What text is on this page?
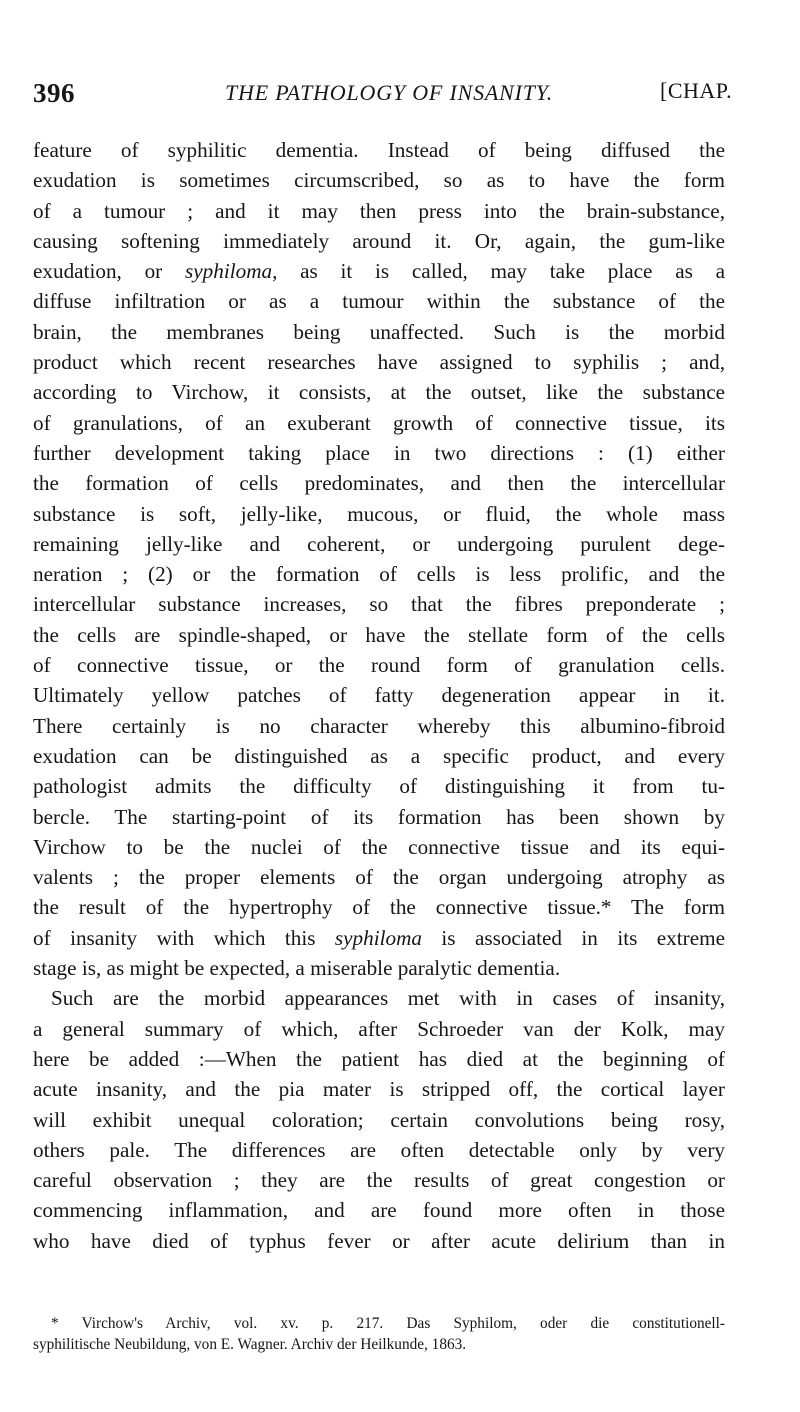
396	THE PATHOLOGY OF INSANITY.	[CHAP.
feature of syphilitic dementia. Instead of being diffused the
exudation is sometimes circumscribed, so as to have the form
of a tumour ; and it may then press into the brain-substance,
causing softening immediately around it. Or, again, the gum-like
exudation, or syphiloma, as it is called, may take place as a
diffuse infiltration or as a tumour within the substance of the
brain, the membranes being unaffected. Such is the morbid
product which recent researches have assigned to syphilis ; and,
according to Virchow, it consists, at the outset, like the substance
of granulations, of an exuberant growth of connective tissue, its
further development taking place in two directions : (1) either
the formation of cells predominates, and then the intercellular
substance is soft, jelly-like, mucous, or fluid, the whole mass
remaining jelly-like and coherent, or undergoing purulent dege-
neration ; (2) or the formation of cells is less prolific, and the
intercellular substance increases, so that the fibres preponderate ;
the cells are spindle-shaped, or have the stellate form of the cells
of connective tissue, or the round form of granulation cells.
Ultimately yellow patches of fatty degeneration appear in it.
There certainly is no character whereby this albumino-fibroid
exudation can be distinguished as a specific product, and every
pathologist admits the difficulty of distinguishing it from tu-
bercle. The starting-point of its formation has been shown by
Virchow to be the nuclei of the connective tissue and its equi-
valents ; the proper elements of the organ undergoing atrophy as
the result of the hypertrophy of the connective tissue.* The form
of insanity with which this syphiloma is associated in its extreme
stage is, as might be expected, a miserable paralytic dementia.
Such are the morbid appearances met with in cases of insanity,
a general summary of which, after Schroeder van der Kolk, may
here be added :—When the patient has died at the beginning of
acute insanity, and the pia mater is stripped off, the cortical layer
will exhibit unequal coloration; certain convolutions being rosy,
others pale. The differences are often detectable only by very
careful observation ; they are the results of great congestion or
commencing inflammation, and are found more often in those
who have died of typhus fever or after acute delirium than in
* Virchow's Archiv, vol. xv. p. 217. Das Syphilom, oder die constitutionell-
syphilitische Neubildung, von E. Wagner. Archiv der Heilkunde, 1863.
